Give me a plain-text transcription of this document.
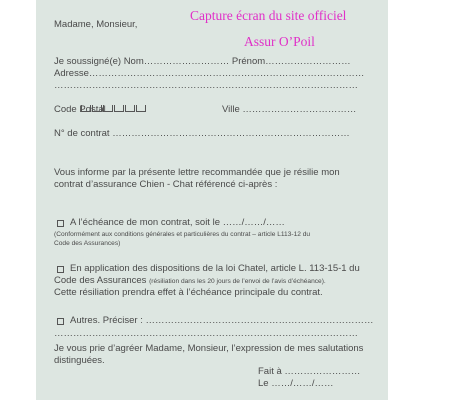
Capture écran du site officiel
Assur O’Poil
Madame, Monsieur,
Je soussigné(e) Nom……………………… Prénom………………………
Adresse……………………………………………………………………………
……………………………………………………………………………………
Code Postal	Ville ………………………………
N° de contrat …………………………………………………………………
Vous informe par la présente lettre recommandée que je résilie mon
contrat d’assurance Chien - Chat référencé ci-après :
A l’échéance de mon contrat, soit le ……/……/……
(Conformément aux conditions générales et particulières du contrat – article L113-12 du
Code des Assurances)
En application des dispositions de la loi Chatel, article L. 113-15-1 du
Code des Assurances (résiliation dans les 20 jours de l’envoi de l’avis d’échéance).
Cette résiliation prendra effet à l’échéance principale du contrat.
Autres. Préciser : ………………………………………………………………
……………………………………………………………………………………
Je vous prie d’agréer Madame, Monsieur, l’expression de mes salutations
distinguées.
Fait à ……………………
Le ……/……/……
